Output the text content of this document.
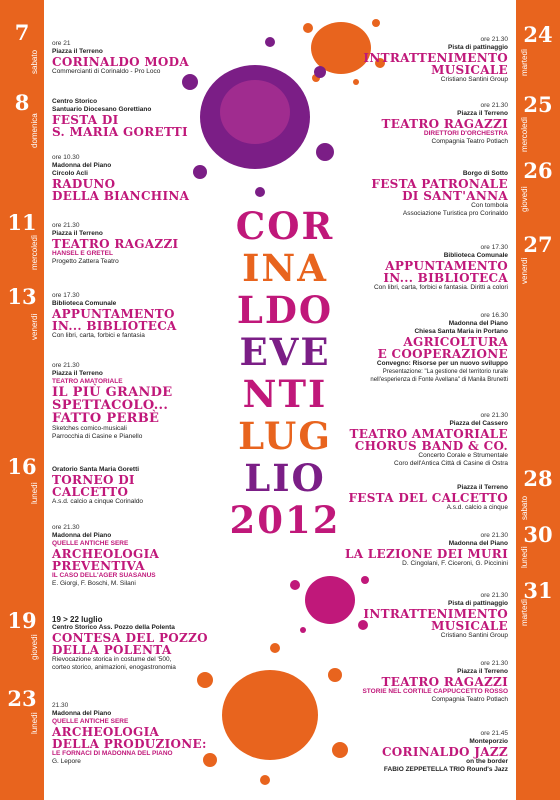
COR
INA
LDO
EVE
NTI
LUG
LIO
2012
7
sabato
8
domenica
11
mercoledì
13
venerdì
16
lunedì
19
giovedì
23
lunedì
24
martedì
25
mercoledì
26
giovedì
27
venerdì
28
sabato
30
lunedì
31
martedì
ore 21
Piazza il Terreno
CORINALDO MODA
Commercianti di Corinaldo - Pro Loco
Centro Storico
Santuario Diocesano Gorettiano
FESTA DI
S. MARIA GORETTI
ore 10.30
Madonna del Piano
Circolo Acli
RADUNO
DELLA BIANCHINA
ore 21.30
Piazza il Terreno
TEATRO RAGAZZI
HANSEL E GRETEL
Progetto Zattera Teatro
ore 17.30
Biblioteca Comunale
APPUNTAMENTO
IN... BIBLIOTECA
Con libri, carta, forbici e fantasia
ore 21.30
Piazza il Terreno
TEATRO AMATORIALE
IL PIÙ GRANDE
SPETTACOLO...
FATTO PERBÈ
Sketches comico-musicali
Parrocchia di Casine e Pianello
Oratorio Santa Maria Goretti
TORNEO DI
CALCETTO
A.s.d. calcio a cinque Corinaldo
ore 21.30
Madonna del Piano
QUELLE ANTICHE SERE
ARCHEOLOGIA
PREVENTIVA
IL CASO DELL'AGER SUASANUS
E. Giorgi, F. Boschi, M. Silani
19 > 22 luglio
Centro Storico Ass. Pozzo della Polenta
CONTESA DEL POZZO
DELLA POLENTA
Rievocazione storica in costume del '500,
corteo storico, animazioni, enogastronomia
21.30
Madonna del Piano
QUELLE ANTICHE SERE
ARCHEOLOGIA
DELLA PRODUZIONE:
LE FORNACI DI MADONNA DEL PIANO
G. Lepore
ore 21.30
Pista di pattinaggio
INTRATTENIMENTO
MUSICALE
Cristiano Santini Group
ore 21.30
Piazza il Terreno
TEATRO RAGAZZI
DIRETTORI D'ORCHESTRA
Compagnia Teatro Potlach
Borgo di Sotto
FESTA PATRONALE
DI SANT'ANNA
Con tombola
Associazione Turistica pro Corinaldo
ore 17.30
Biblioteca Comunale
APPUNTAMENTO
IN... BIBLIOTECA
Con libri, carta, forbici e fantasia. Diritti a colori
ore 16.30
Madonna del Piano
Chiesa Santa Maria in Portano
AGRICOLTURA
E COOPERAZIONE
Convegno: Risorse per un nuovo sviluppo
Presentazione: "La gestione del territorio rurale
nell'esperienza di Fonte Avellana" di Manila Brunetti
ore 21.30
Piazza del Cassero
TEATRO AMATORIALE
CHORUS BAND & CO.
Concerto Corale e Strumentale
Coro dell'Antica Città di Casine di Ostra
Piazza il Terreno
FESTA DEL CALCETTO
A.s.d. calcio a cinque
ore 21.30
Madonna del Piano
LA LEZIONE DEI MURI
D. Cingolani, F. Ciceroni, G. Piccinini
ore 21.30
Pista di pattinaggio
INTRATTENIMENTO
MUSICALE
Cristiano Santini Group
ore 21.30
Piazza il Terreno
TEATRO RAGAZZI
STORIE NEL CORTILE CAPPUCCETTO ROSSO
Compagnia Teatro Potlach
ore 21.45
Monteporzio
CORINALDO JAZZ
on the border
FABIO ZEPPETELLA TRIO Round's Jazz
